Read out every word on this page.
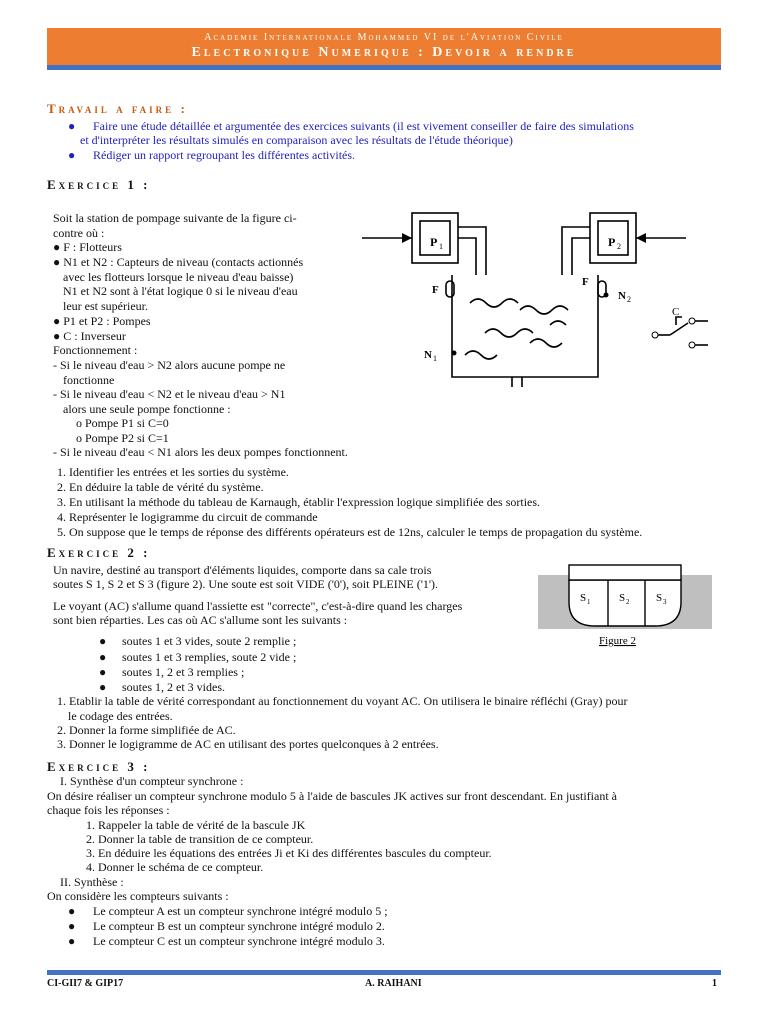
Academie Internationale Mohammed VI de l'Aviation Civile
Electronique Numerique : Devoir a rendre
Travail a faire :
● Faire une étude détaillée et argumentée des exercices suivants (il est vivement conseiller de faire des simulations
et d'interpréter les résultats simulés en comparaison avec les résultats de l'étude théorique)
● Rédiger un rapport regroupant les différentes activités.
Exercice 1 :
Soit la station de pompage suivante de la figure ci-
contre où :
● F : Flotteurs
● N1 et N2 : Capteurs de niveau (contacts actionnés
avec les flotteurs lorsque le niveau d'eau baisse)
N1 et N2 sont à l'état logique 0 si le niveau d'eau
leur est supérieur.
● P1 et P2 : Pompes
● C : Inverseur
Fonctionnement :
- Si le niveau d'eau > N2 alors aucune pompe ne
fonctionne
- Si le niveau d'eau < N2 et le niveau d'eau > N1
alors une seule pompe fonctionne :
o Pompe P1 si C=0
o Pompe P2 si C=1
- Si le niveau d'eau < N1 alors les deux pompes fonctionnent.
1. Identifier les entrées et les sorties du système.
2. En déduire la table de vérité du système.
3. En utilisant la méthode du tableau de Karnaugh, établir l'expression logique simplifiée des sorties.
4. Représenter le logigramme du circuit de commande
5. On suppose que le temps de réponse des différents opérateurs est de 12ns, calculer le temps de propagation du système.
P 1	P 2
F
F
N 2
N 1
C
Exercice 2 :
Un navire, destiné au transport d'éléments liquides, comporte dans sa cale trois
soutes S 1, S 2 et S 3 (figure 2). Une soute est soit VIDE ('0'), soit PLEINE ('1').
Le voyant (AC) s'allume quand l'assiette est "correcte", c'est-à-dire quand les charges
sont bien réparties. Les cas où AC s'allume sont les suivants :
● soutes 1 et 3 vides, soute 2 remplie ;
● soutes 1 et 3 remplies, soute 2 vide ;
● soutes 1, 2 et 3 remplies ;
● soutes 1, 2 et 3 vides.
1. Etablir la table de vérité correspondant au fonctionnement du voyant AC. On utilisera le binaire réfléchi (Gray) pour
le codage des entrées.
2. Donner la forme simplifiée de AC.
3. Donner le logigramme de AC en utilisant des portes quelconques à 2 entrées.
S 1	S 2 S 3
Figure 2
Exercice 3 :
I. Synthèse d'un compteur synchrone :
On désire réaliser un compteur synchrone modulo 5 à l'aide de bascules JK actives sur front descendant. En justifiant à
chaque fois les réponses :
1. Rappeler la table de vérité de la bascule JK
2. Donner la table de transition de ce compteur.
3. En déduire les équations des entrées Ji et Ki des différentes bascules du compteur.
4. Donner le schéma de ce compteur.
II. Synthèse :
On considère les compteurs suivants :
● Le compteur A est un compteur synchrone intégré modulo 5 ;
● Le compteur B est un compteur synchrone intégré modulo 2.
● Le compteur C est un compteur synchrone intégré modulo 3.
CI-GII7 & GIP17	A. RAIHANI	1
